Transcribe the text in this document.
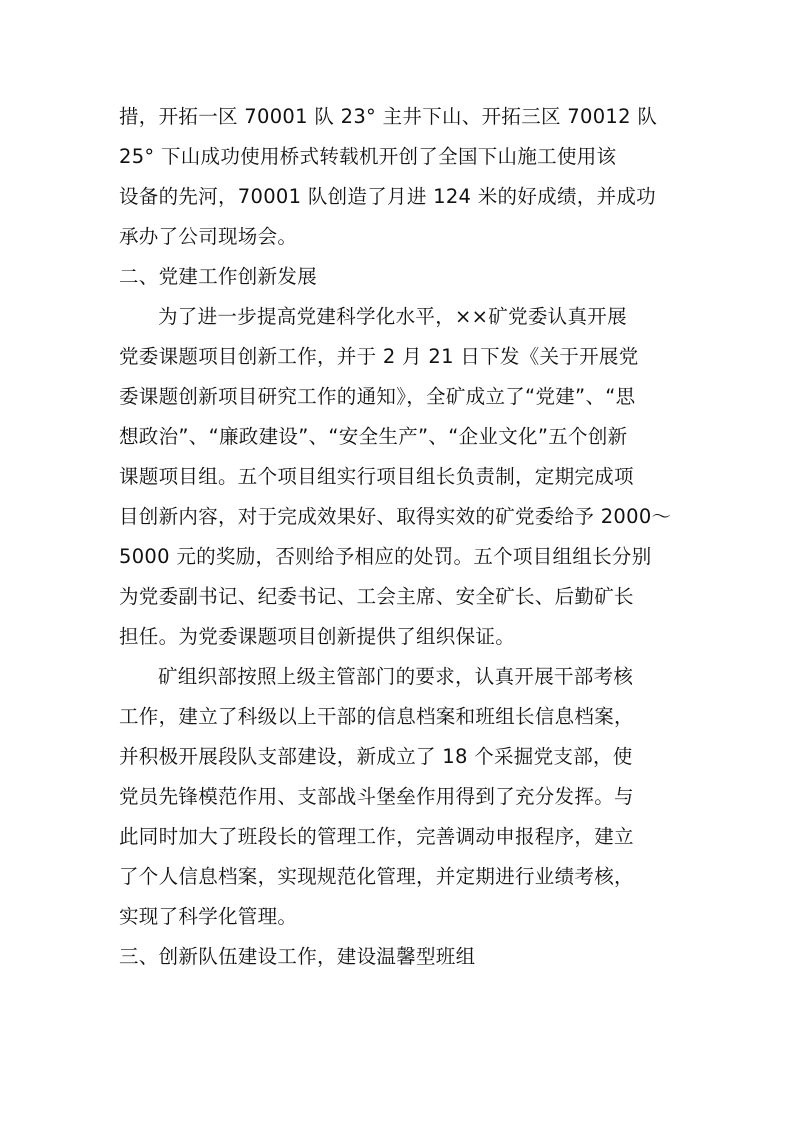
措，开拓一区 70001 队 23° 主井下山、开拓三区 70012 队
25° 下山成功使用桥式转载机开创了全国下山施工使用该
设备的先河，70001 队创造了月进 124 米的好成绩，并成功
承办了公司现场会。
二、党建工作创新发展
为了进一步提高党建科学化水平，××矿党委认真开展
党委课题项目创新工作，并于 2 月 21 日下发《关于开展党
委课题创新项目研究工作的通知》，全矿成立了“党建”、“思
想政治”、“廉政建设”、“安全生产”、“企业文化”五个创新
课题项目组。五个项目组实行项目组长负责制，定期完成项
目创新内容，对于完成效果好、取得实效的矿党委给予 2000～
5000 元的奖励，否则给予相应的处罚。五个项目组组长分别
为党委副书记、纪委书记、工会主席、安全矿长、后勤矿长
担任。为党委课题项目创新提供了组织保证。
矿组织部按照上级主管部门的要求，认真开展干部考核
工作，建立了科级以上干部的信息档案和班组长信息档案，
并积极开展段队支部建设，新成立了 18 个采掘党支部，使
党员先锋模范作用、支部战斗堡垒作用得到了充分发挥。与
此同时加大了班段长的管理工作，完善调动申报程序，建立
了个人信息档案，实现规范化管理，并定期进行业绩考核，
实现了科学化管理。
三、创新队伍建设工作，建设温馨型班组
